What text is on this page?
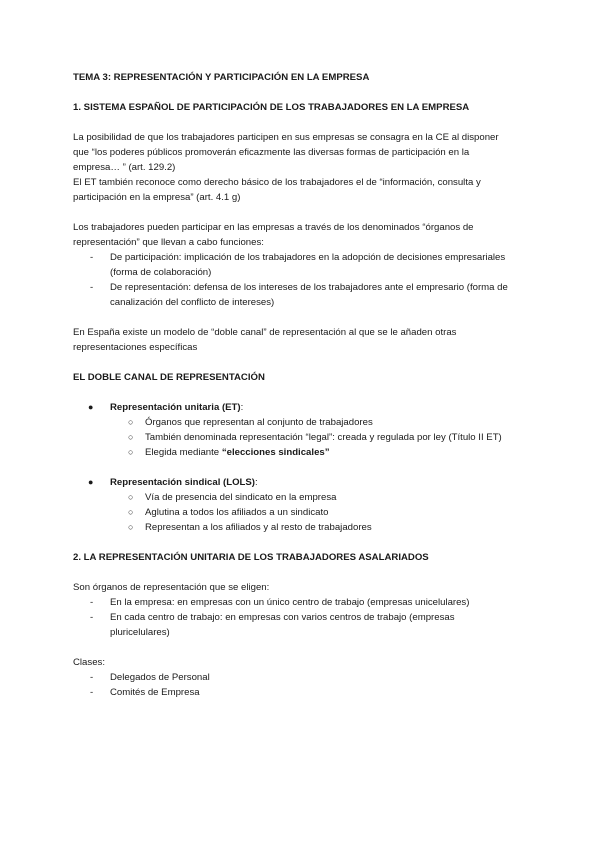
TEMA 3: REPRESENTACIÓN Y PARTICIPACIÓN EN LA EMPRESA

1. SISTEMA ESPAÑOL DE PARTICIPACIÓN DE LOS TRABAJADORES EN LA EMPRESA

La posibilidad de que los trabajadores participen en sus empresas se consagra en la CE al disponer
que “los poderes públicos promoverán eficazmente las diversas formas de participación en la
empresa… ” (art. 129.2)
El ET también reconoce como derecho básico de los trabajadores el de “información, consulta y
participación en la empresa” (art. 4.1 g)
Los trabajadores pueden participar en las empresas a través de los denominados “órganos de
representación” que llevan a cabo funciones:
- De participación: implicación de los trabajadores en la adopción de decisiones empresariales
(forma de colaboración)
- De representación: defensa de los intereses de los trabajadores ante el empresario (forma de
canalización del conflicto de intereses)
En España existe un modelo de “doble canal” de representación al que se le añaden otras
representaciones específicas

EL DOBLE CANAL DE REPRESENTACIÓN

● Representación unitaria (ET):
○ Órganos que representan al conjunto de trabajadores
○ También denominada representación “legal”: creada y regulada por ley (Título II ET)
○ Elegida mediante “elecciones sindicales”
● Representación sindical (LOLS):
○ Vía de presencia del sindicato en la empresa
○ Aglutina a todos los afiliados a un sindicato
○ Representan a los afiliados y al resto de trabajadores

2. LA REPRESENTACIÓN UNITARIA DE LOS TRABAJADORES ASALARIADOS

Son órganos de representación que se eligen:
- En la empresa: en empresas con un único centro de trabajo (empresas unicelulares)
- En cada centro de trabajo: en empresas con varios centros de trabajo (empresas
pluricelulares)
Clases:
- Delegados de Personal
- Comités de Empresa
